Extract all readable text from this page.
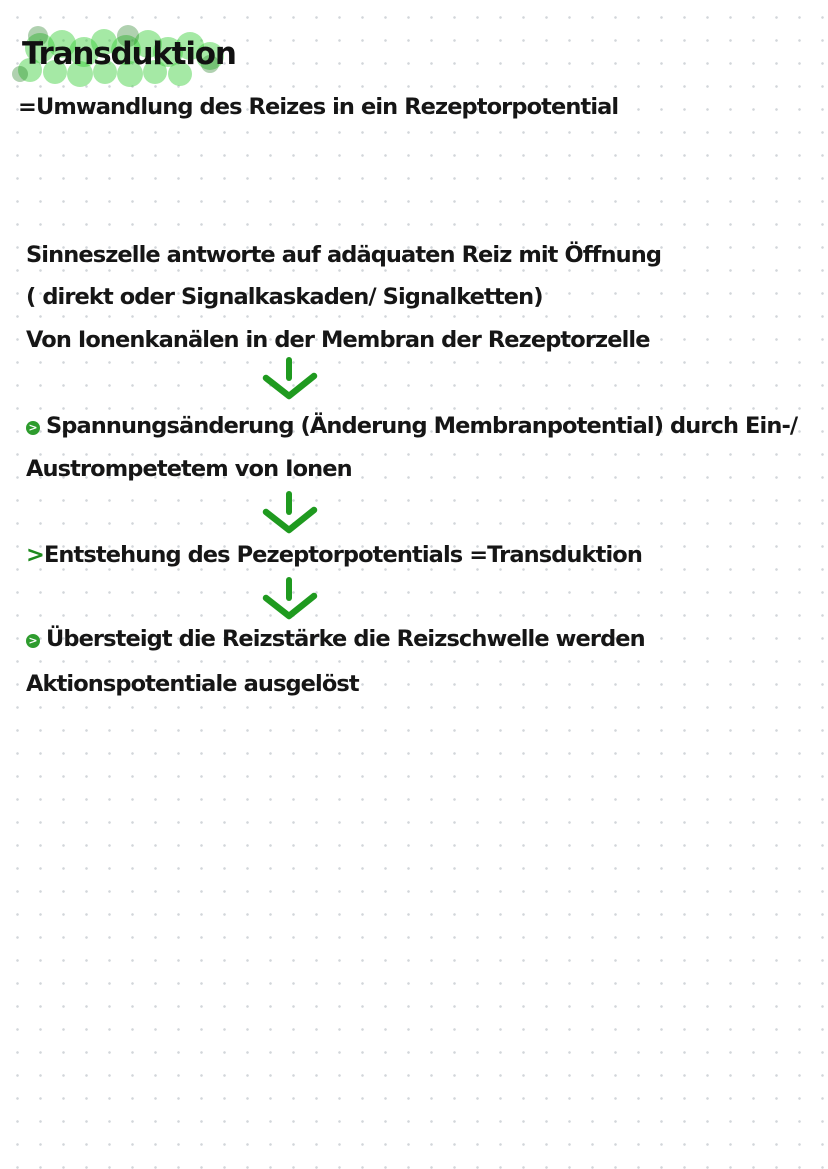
Transduktion

=Umwandlung des Reizes in ein Rezeptorpotential

Sinneszelle antworte auf adäquaten Reiz mit Öffnung

( direkt oder Signalkaskaden/ Signalketten)

Von Ionenkanälen in der Membran der Rezeptorzelle

> Spannungsänderung (Änderung Membranpotential) durch Ein-/

Austrompetetem von Ionen

>Entstehung des Pezeptorpotentials =Transduktion

> Übersteigt die Reizstärke die Reizschwelle werden

Aktionspotentiale ausgelöst
